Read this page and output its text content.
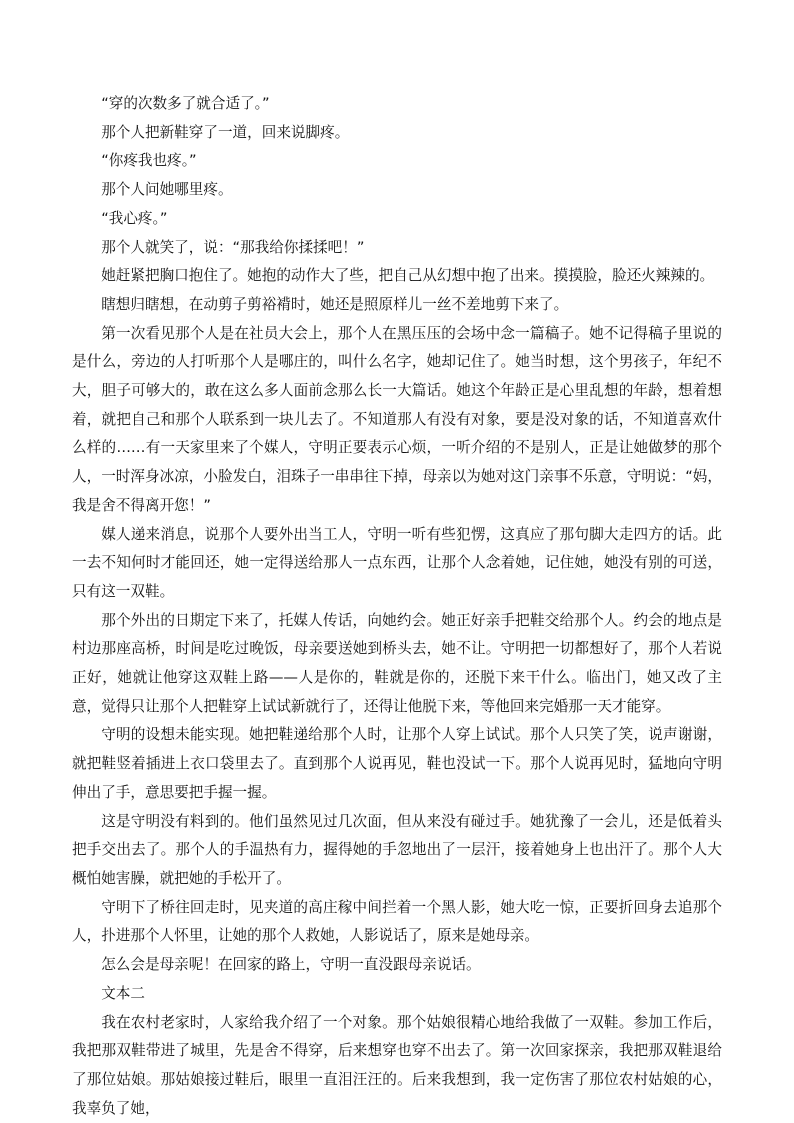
“穿的次数多了就合适了。”

那个人把新鞋穿了一道，回来说脚疼。

“你疼我也疼。”

那个人问她哪里疼。

“我心疼。”

那个人就笑了，说：“那我给你揉揉吧！”

她赶紧把胸口抱住了。她抱的动作大了些，把自己从幻想中抱了出来。摸摸脸，脸还火辣辣的。

瞎想归瞎想，在动剪子剪裕褙时，她还是照原样儿一丝不差地剪下来了。

第一次看见那个人是在社员大会上，那个人在黑压压的会场中念一篇稿子。她不记得稿子里说的是什么，旁边的人打听那个人是哪庄的，叫什么名字，她却记住了。她当时想，这个男孩子，年纪不大，胆子可够大的，敢在这么多人面前念那么长一大篇话。她这个年龄正是心里乱想的年龄，想着想着，就把自己和那个人联系到一块儿去了。不知道那人有没有对象，要是没对象的话，不知道喜欢什么样的……有一天家里来了个媒人，守明正要表示心烦，一听介绍的不是别人，正是让她做梦的那个人，一时浑身冰凉，小脸发白，泪珠子一串串往下掉，母亲以为她对这门亲事不乐意，守明说：“妈，我是舍不得离开您！”

媒人递来消息，说那个人要外出当工人，守明一听有些犯愣，这真应了那句脚大走四方的话。此一去不知何时才能回还，她一定得送给那人一点东西，让那个人念着她，记住她，她没有别的可送，只有这一双鞋。

那个外出的日期定下来了，托媒人传话，向她约会。她正好亲手把鞋交给那个人。约会的地点是村边那座高桥，时间是吃过晚饭，母亲要送她到桥头去，她不让。守明把一切都想好了，那个人若说正好，她就让他穿这双鞋上路——人是你的，鞋就是你的，还脱下来干什么。临出门，她又改了主意，觉得只让那个人把鞋穿上试试新就行了，还得让他脱下来，等他回来完婚那一天才能穿。

守明的设想未能实现。她把鞋递给那个人时，让那个人穿上试试。那个人只笑了笑，说声谢谢，就把鞋竖着插进上衣口袋里去了。直到那个人说再见，鞋也没试一下。那个人说再见时，猛地向守明伸出了手，意思要把手握一握。

这是守明没有料到的。他们虽然见过几次面，但从来没有碰过手。她犹豫了一会儿，还是低着头把手交出去了。那个人的手温热有力，握得她的手忽地出了一层汗，接着她身上也出汗了。那个人大概怕她害臊，就把她的手松开了。

守明下了桥往回走时，见夹道的高庄稼中间拦着一个黑人影，她大吃一惊，正要折回身去追那个人，扑进那个人怀里，让她的那个人救她，人影说话了，原来是她母亲。

怎么会是母亲呢！在回家的路上，守明一直没跟母亲说话。

文本二

我在农村老家时，人家给我介绍了一个对象。那个姑娘很精心地给我做了一双鞋。参加工作后，我把那双鞋带进了城里，先是舍不得穿，后来想穿也穿不出去了。第一次回家探亲，我把那双鞋退给了那位姑娘。那姑娘接过鞋后，眼里一直泪汪汪的。后来我想到，我一定伤害了那位农村姑娘的心，我辜负了她，
